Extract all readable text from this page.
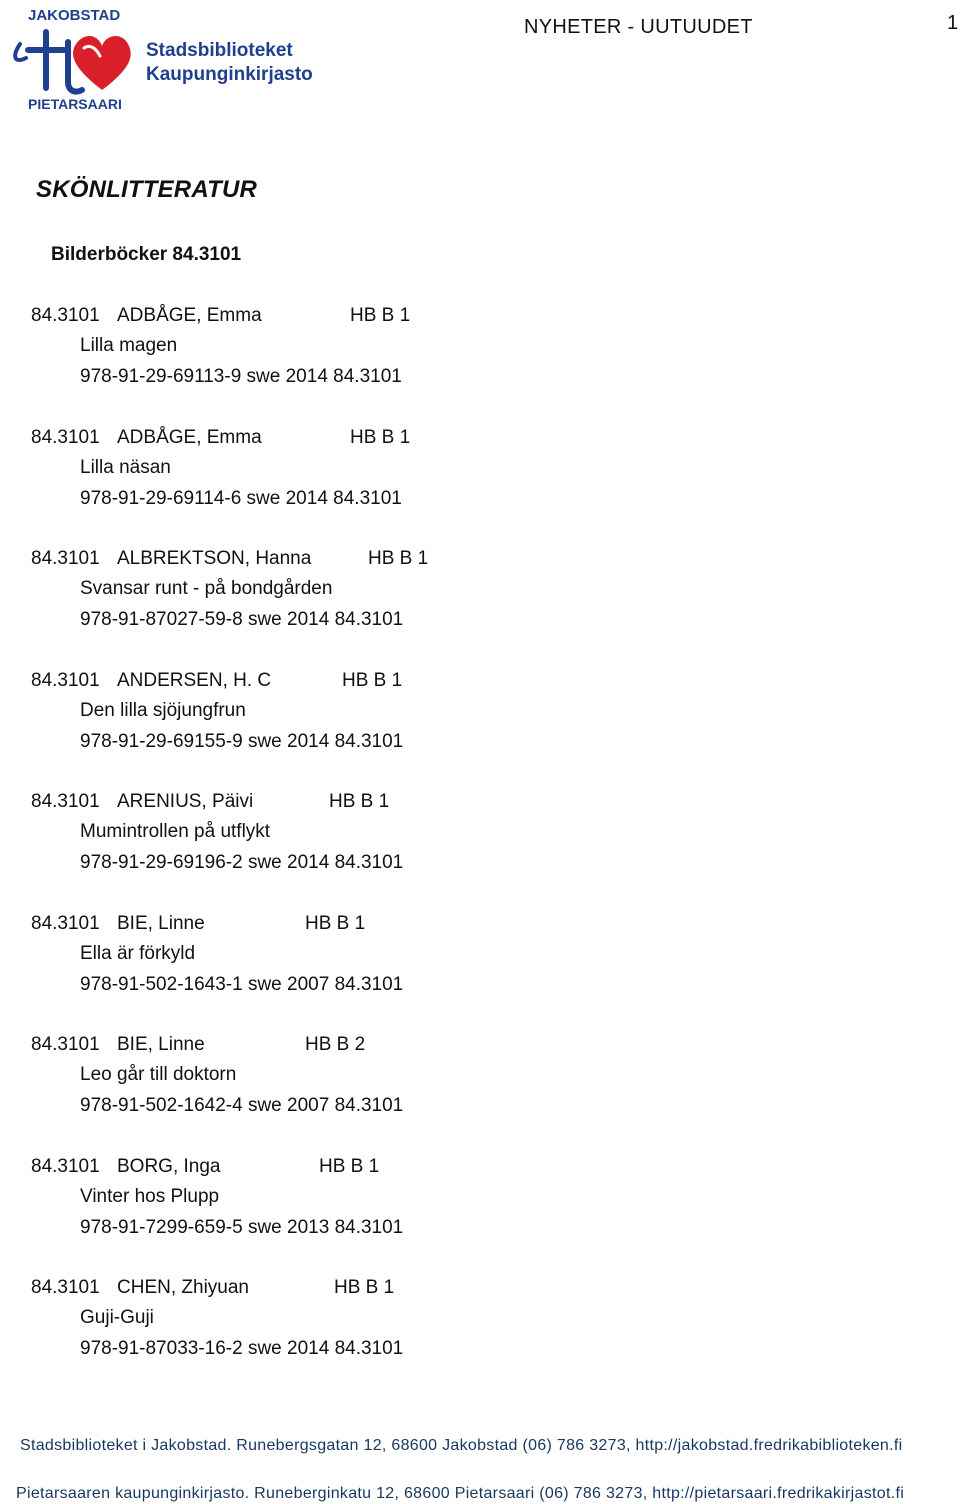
JAKOBSTAD
PIETARSAARI
Stadsbiblioteket
Kaupunginkirjasto
NYHETER - UUTUUDET	1
SKÖNLITTERATUR
Bilderböcker 84.3101
84.3101 ADBÅGE, Emma	HB B 1
Lilla magen
978-91-29-69113-9 swe 2014 84.3101
84.3101 ADBÅGE, Emma	HB B 1
Lilla näsan
978-91-29-69114-6 swe 2014 84.3101
84.3101 ALBREKTSON, Hanna	HB B 1
Svansar runt - på bondgården
978-91-87027-59-8 swe 2014 84.3101
84.3101 ANDERSEN, H. C	HB B 1
Den lilla sjöjungfrun
978-91-29-69155-9 swe 2014 84.3101
84.3101 ARENIUS, Päivi	HB B 1
Mumintrollen på utflykt
978-91-29-69196-2 swe 2014 84.3101
84.3101 BIE, Linne	HB B 1
Ella är förkyld
978-91-502-1643-1 swe 2007 84.3101
84.3101 BIE, Linne	HB B 2
Leo går till doktorn
978-91-502-1642-4 swe 2007 84.3101
84.3101 BORG, Inga	HB B 1
Vinter hos Plupp
978-91-7299-659-5 swe 2013 84.3101
84.3101 CHEN, Zhiyuan	HB B 1
Guji-Guji
978-91-87033-16-2 swe 2014 84.3101
Stadsbiblioteket i Jakobstad. Runebergsgatan 12, 68600 Jakobstad (06) 786 3273, http://jakobstad.fredrikabiblioteken.fi
Pietarsaaren kaupunginkirjasto. Runeberginkatu 12, 68600 Pietarsaari (06) 786 3273, http://pietarsaari.fredrikakirjastot.fi
